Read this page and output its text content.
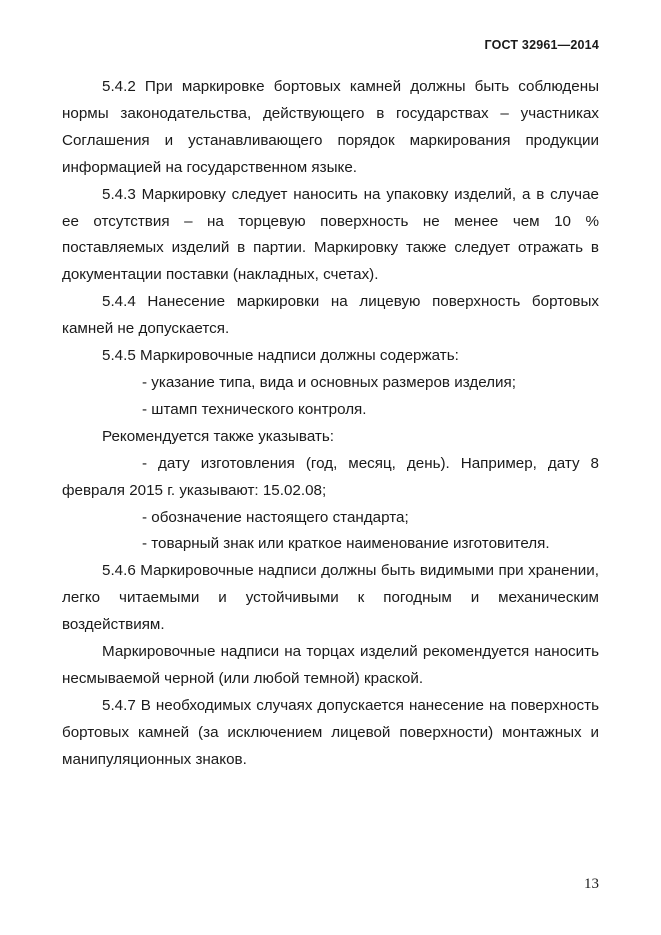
ГОСТ 32961—2014

5.4.2 При маркировке бортовых камней должны быть соблюдены нормы законодательства, действующего в государствах – участниках Соглашения и устанавливающего порядок маркирования продукции информацией на государственном языке.

5.4.3 Маркировку следует наносить на упаковку изделий, а в случае ее отсутствия – на торцевую поверхность не менее чем 10 % поставляемых изделий в партии. Маркировку также следует отражать в документации поставки (накладных, счетах).

5.4.4 Нанесение маркировки на лицевую поверхность бортовых камней не допускается.

5.4.5 Маркировочные надписи должны содержать:

- указание типа, вида и основных размеров изделия;

- штамп технического контроля.

Рекомендуется также указывать:

- дату изготовления (год, месяц, день). Например, дату 8 февраля 2015 г. указывают: 15.02.08;

- обозначение настоящего стандарта;

- товарный знак или краткое наименование изготовителя.

5.4.6 Маркировочные надписи должны быть видимыми при хранении, легко читаемыми и устойчивыми к погодным и механическим воздействиям.

Маркировочные надписи на торцах изделий рекомендуется наносить несмываемой черной (или любой темной) краской.

5.4.7 В необходимых случаях допускается нанесение на поверхность бортовых камней (за исключением лицевой поверхности) монтажных и манипуляционных знаков.

13
